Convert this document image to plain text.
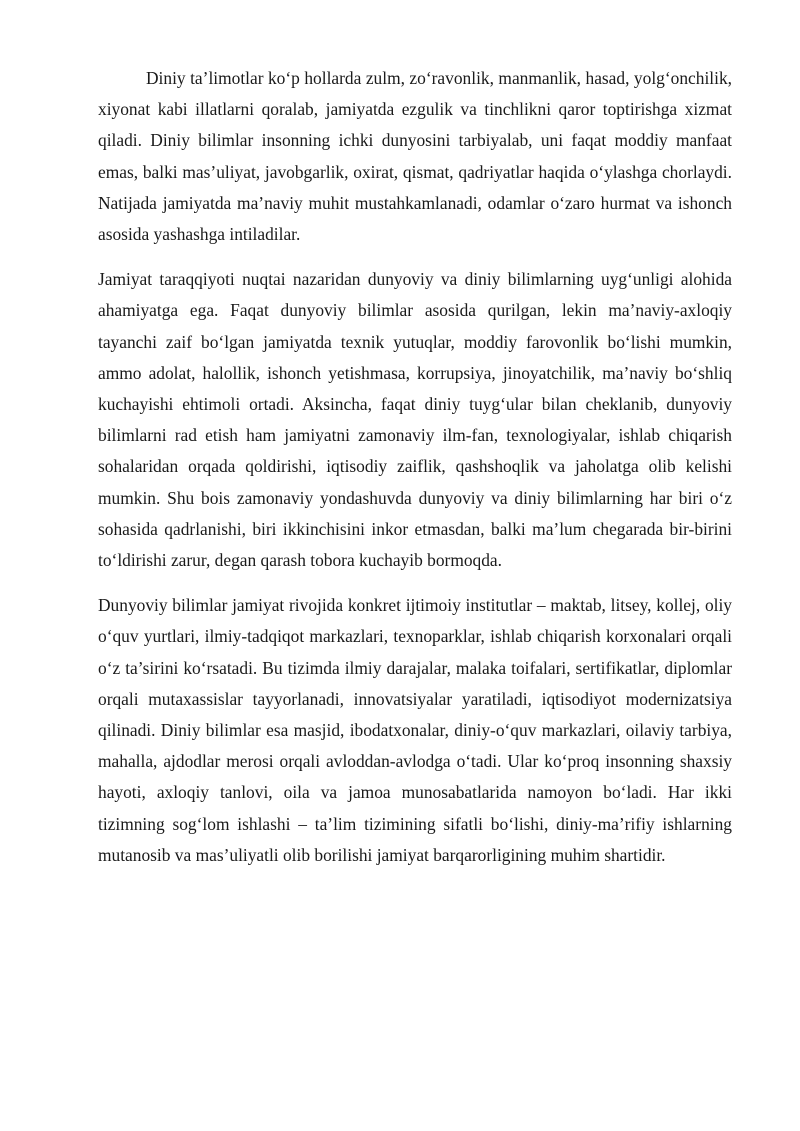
Diniy ta’limotlar ko‘p hollarda zulm, zo‘ravonlik, manmanlik, hasad, yolg‘onchilik, xiyonat kabi illatlarni qoralab, jamiyatda ezgulik va tinchlikni qaror toptirishga xizmat qiladi. Diniy bilimlar insonning ichki dunyosini tarbiyalab, uni faqat moddiy manfaat emas, balki mas’uliyat, javobgarlik, oxirat, qismat, qadriyatlar haqida o‘ylashga chorlaydi. Natijada jamiyatda ma’naviy muhit mustahkamlanadi, odamlar o‘zaro hurmat va ishonch asosida yashashga intiladilar.

Jamiyat taraqqiyoti nuqtai nazaridan dunyoviy va diniy bilimlarning uyg‘unligi alohida ahamiyatga ega. Faqat dunyoviy bilimlar asosida qurilgan, lekin ma’naviy-axloqiy tayanchi zaif bo‘lgan jamiyatda texnik yutuqlar, moddiy farovonlik bo‘lishi mumkin, ammo adolat, halollik, ishonch yetishmasa, korrupsiya, jinoyatchilik, ma’naviy bo‘shliq kuchayishi ehtimoli ortadi. Aksincha, faqat diniy tuyg‘ular bilan cheklanib, dunyoviy bilimlarni rad etish ham jamiyatni zamonaviy ilm-fan, texnologiyalar, ishlab chiqarish sohalaridan orqada qoldirishi, iqtisodiy zaiflik, qashshoqlik va jaholatga olib kelishi mumkin. Shu bois zamonaviy yondashuvda dunyoviy va diniy bilimlarning har biri o‘z sohasida qadrlanishi, biri ikkinchisini inkor etmasdan, balki ma’lum chegarada bir-birini to‘ldirishi zarur, degan qarash tobora kuchayib bormoqda.

Dunyoviy bilimlar jamiyat rivojida konkret ijtimoiy institutlar – maktab, litsey, kollej, oliy o‘quv yurtlari, ilmiy-tadqiqot markazlari, texnoparklar, ishlab chiqarish korxonalari orqali o‘z ta’sirini ko‘rsatadi. Bu tizimda ilmiy darajalar, malaka toifalari, sertifikatlar, diplomlar orqali mutaxassislar tayyorlanadi, innovatsiyalar yaratiladi, iqtisodiyot modernizatsiya qilinadi. Diniy bilimlar esa masjid, ibodatxonalar, diniy-o‘quv markazlari, oilaviy tarbiya, mahalla, ajdodlar merosi orqali avloddan-avlodga o‘tadi. Ular ko‘proq insonning shaxsiy hayoti, axloqiy tanlovi, oila va jamoa munosabatlarida namoyon bo‘ladi. Har ikki tizimning sog‘lom ishlashi – ta’lim tizimining sifatli bo‘lishi, diniy-ma’rifiy ishlarning mutanosib va mas’uliyatli olib borilishi jamiyat barqarorligining muhim shartidir.
